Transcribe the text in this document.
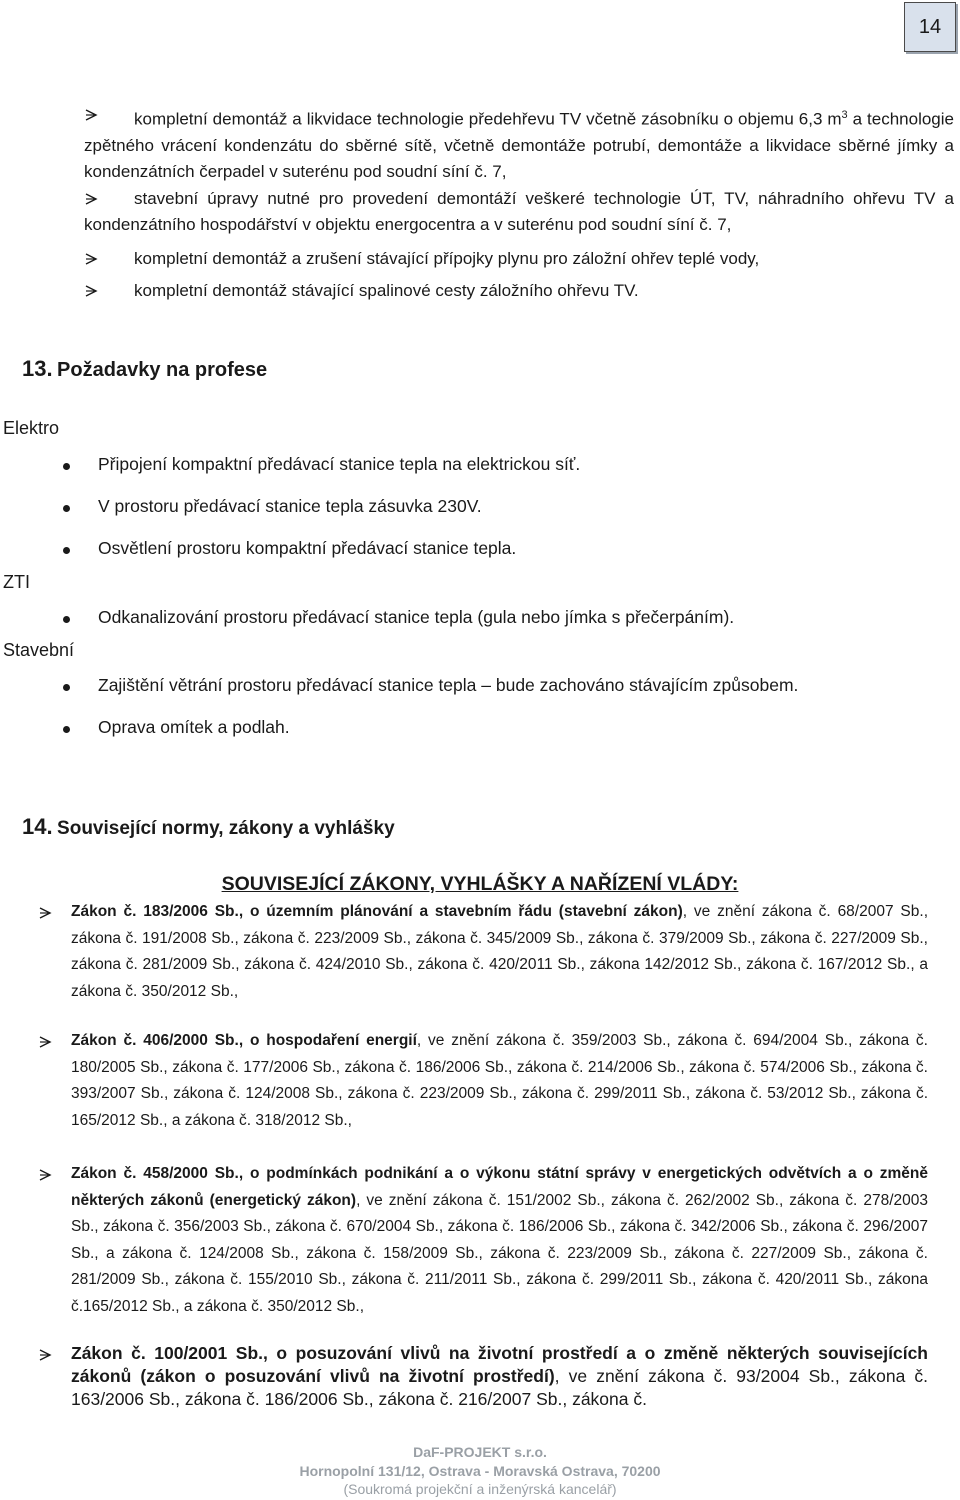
14
kompletní demontáž a likvidace technologie předehřevu TV včetně zásobníku o objemu 6,3 $m^3$ a technologie zpětného vrácení kondenzátu do sběrné sítě, včetně demontáže potrubí, demontáže a likvidace sběrné jímky a kondenzátních čerpadel v suterénu pod soudní síní č. 7,
stavební úpravy nutné pro provedení demontáží veškeré technologie ÚT, TV, náhradního ohřevu TV a kondenzátního hospodářství v objektu energocentra a v suterénu pod soudní síní č. 7,
kompletní demontáž a zrušení stávající přípojky plynu pro záložní ohřev teplé vody,
kompletní demontáž stávající spalinové cesty záložního ohřevu TV.
13. Požadavky na profese
Elektro
ZTI
Stavební
Připojení kompaktní předávací stanice tepla na elektrickou síť.
V prostoru předávací stanice tepla zásuvka 230V.
Osvětlení prostoru kompaktní předávací stanice tepla.
Odkanalizování prostoru předávací stanice tepla (gula nebo jímka s přečerpáním).
Zajištění větrání prostoru předávací stanice tepla – bude zachováno stávajícím způsobem.
Oprava omítek a podlah.
14. Související normy, zákony a vyhlášky
SOUVISEJÍCÍ ZÁKONY, VYHLÁŠKY A NAŘÍZENÍ VLÁDY:
Zákon č. 183/2006 Sb., o územním plánování a stavebním řádu (stavební zákon), ve znění zákona č. 68/2007 Sb., zákona č. 191/2008 Sb., zákona č. 223/2009 Sb., zákona č. 345/2009 Sb., zákona č. 379/2009 Sb., zákona č. 227/2009 Sb., zákona č. 281/2009 Sb., zákona č. 424/2010 Sb., zákona č. 420/2011 Sb., zákona 142/2012 Sb., zákona č. 167/2012 Sb., a zákona č. 350/2012 Sb.,
Zákon č. 406/2000 Sb., o hospodaření energií, ve znění zákona č. 359/2003 Sb., zákona č. 694/2004 Sb., zákona č. 180/2005 Sb., zákona č. 177/2006 Sb., zákona č. 186/2006 Sb., zákona č. 214/2006 Sb., zákona č. 574/2006 Sb., zákona č. 393/2007 Sb., zákona č. 124/2008 Sb., zákona č. 223/2009 Sb., zákona č. 299/2011 Sb., zákona č. 53/2012 Sb., zákona č. 165/2012 Sb., a zákona č. 318/2012 Sb.,
Zákon č. 458/2000 Sb., o podmínkách podnikání a o výkonu státní správy v energetických odvětvích a o změně některých zákonů (energetický zákon), ve znění zákona č. 151/2002 Sb., zákona č. 262/2002 Sb., zákona č. 278/2003 Sb., zákona č. 356/2003 Sb., zákona č. 670/2004 Sb., zákona č. 186/2006 Sb., zákona č. 342/2006 Sb., zákona č. 296/2007 Sb., a zákona č. 124/2008 Sb., zákona č. 158/2009 Sb., zákona č. 223/2009 Sb., zákona č. 227/2009 Sb., zákona č. 281/2009 Sb., zákona č. 155/2010 Sb., zákona č. 211/2011 Sb., zákona č. 299/2011 Sb., zákona č. 420/2011 Sb., zákona č.165/2012 Sb., a zákona č. 350/2012 Sb.,
Zákon č. 100/2001 Sb., o posuzování vlivů na životní prostředí a o změně některých souvisejících zákonů (zákon o posuzování vlivů na životní prostředí), ve znění zákona č. 93/2004 Sb., zákona č. 163/2006 Sb., zákona č. 186/2006 Sb., zákona č. 216/2007 Sb., zákona č.
DaF-PROJEKT s.r.o.
Hornopolní 131/12, Ostrava - Moravská Ostrava, 70200
(Soukromá projekční a inženýrská kancelář)
